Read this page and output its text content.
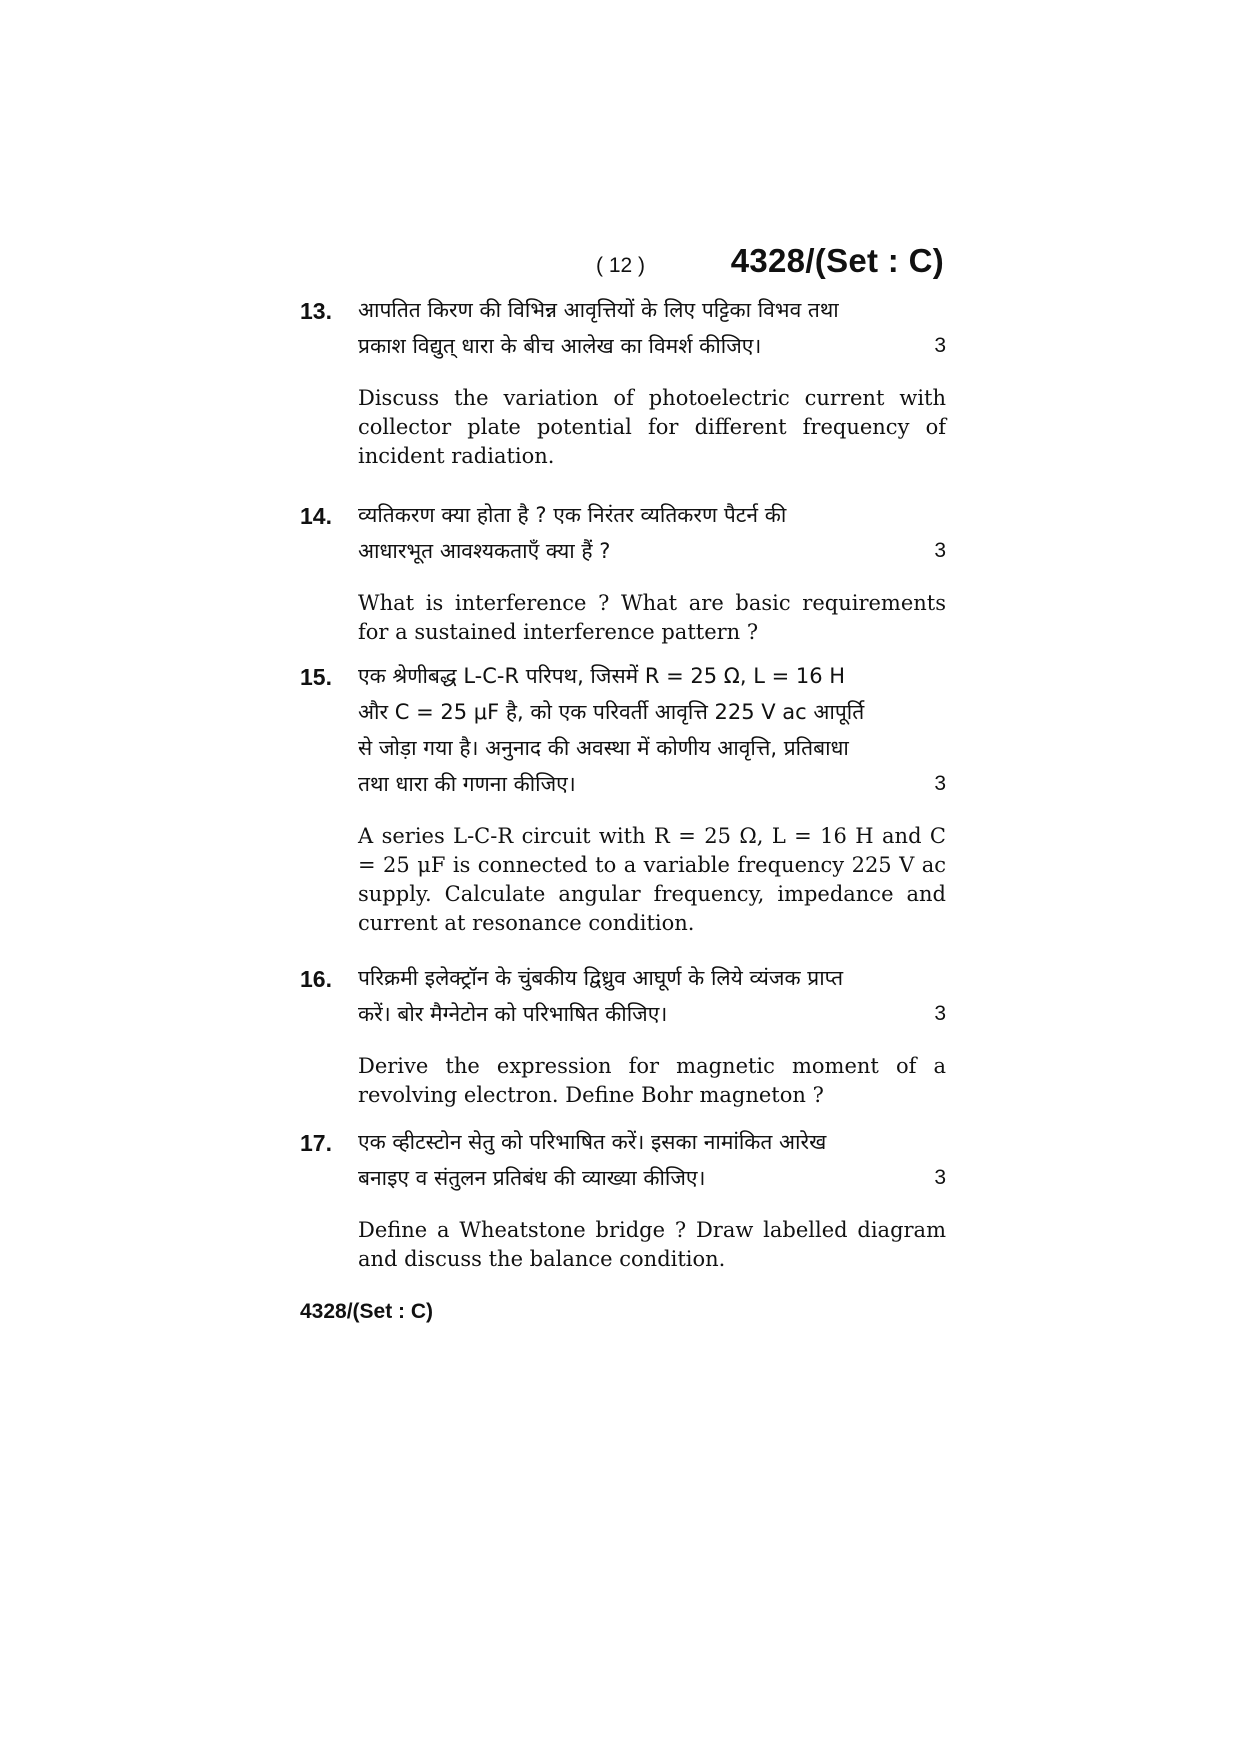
( 12 )	4328/(Set : C)
13. आपतित किरण की विभिन्न आवृत्तियों के लिए पट्टिका विभव तथा
प्रकाश विद्युत् धारा के बीच आलेख का विमर्श कीजिए।	3
Discuss the variation of photoelectric current with collector plate potential for different frequency of incident radiation.
14. व्यतिकरण क्या होता है ? एक निरंतर व्यतिकरण पैटर्न की
आधारभूत आवश्यकताएँ क्या हैं ?	3
What is interference ? What are basic requirements for a sustained interference pattern ?
15. एक श्रेणीबद्ध L-C-R परिपथ, जिसमें R = 25 Ω, L = 16 H
और C = 25 μF है, को एक परिवर्ती आवृत्ति 225 V ac आपूर्ति
से जोड़ा गया है। अनुनाद की अवस्था में कोणीय आवृत्ति, प्रतिबाधा
तथा धारा की गणना कीजिए।	3
A series L-C-R circuit with R = 25 Ω, L = 16 H and C = 25 μF is connected to a variable frequency 225 V ac supply. Calculate angular frequency, impedance and current at resonance condition.
16. परिक्रमी इलेक्ट्रॉन के चुंबकीय द्विध्रुव आघूर्ण के लिये व्यंजक प्राप्त
करें। बोर मैग्नेटोन को परिभाषित कीजिए।	3
Derive the expression for magnetic moment of a revolving electron. Define Bohr magneton ?
17. एक व्हीटस्टोन सेतु को परिभाषित करें। इसका नामांकित आरेख
बनाइए व संतुलन प्रतिबंध की व्याख्या कीजिए।	3
Define a Wheatstone bridge ? Draw labelled diagram and discuss the balance condition.
4328/(Set : C)
